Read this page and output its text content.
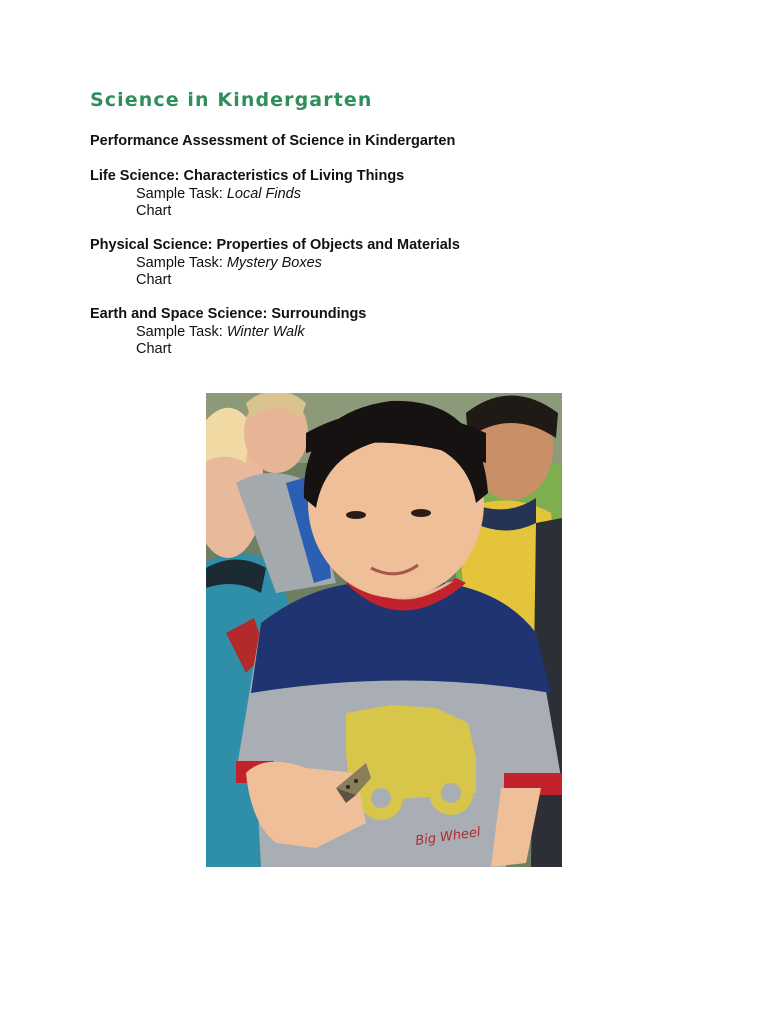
Science in Kindergarten

Performance Assessment of Science in Kindergarten

Life Science: Characteristics of Living Things

Sample Task: Local Finds
Chart

Physical Science: Properties of Objects and Materials

Sample Task: Mystery Boxes
Chart

Earth and Space Science: Surroundings

Sample Task: Winter Walk
Chart
Big Wheel
